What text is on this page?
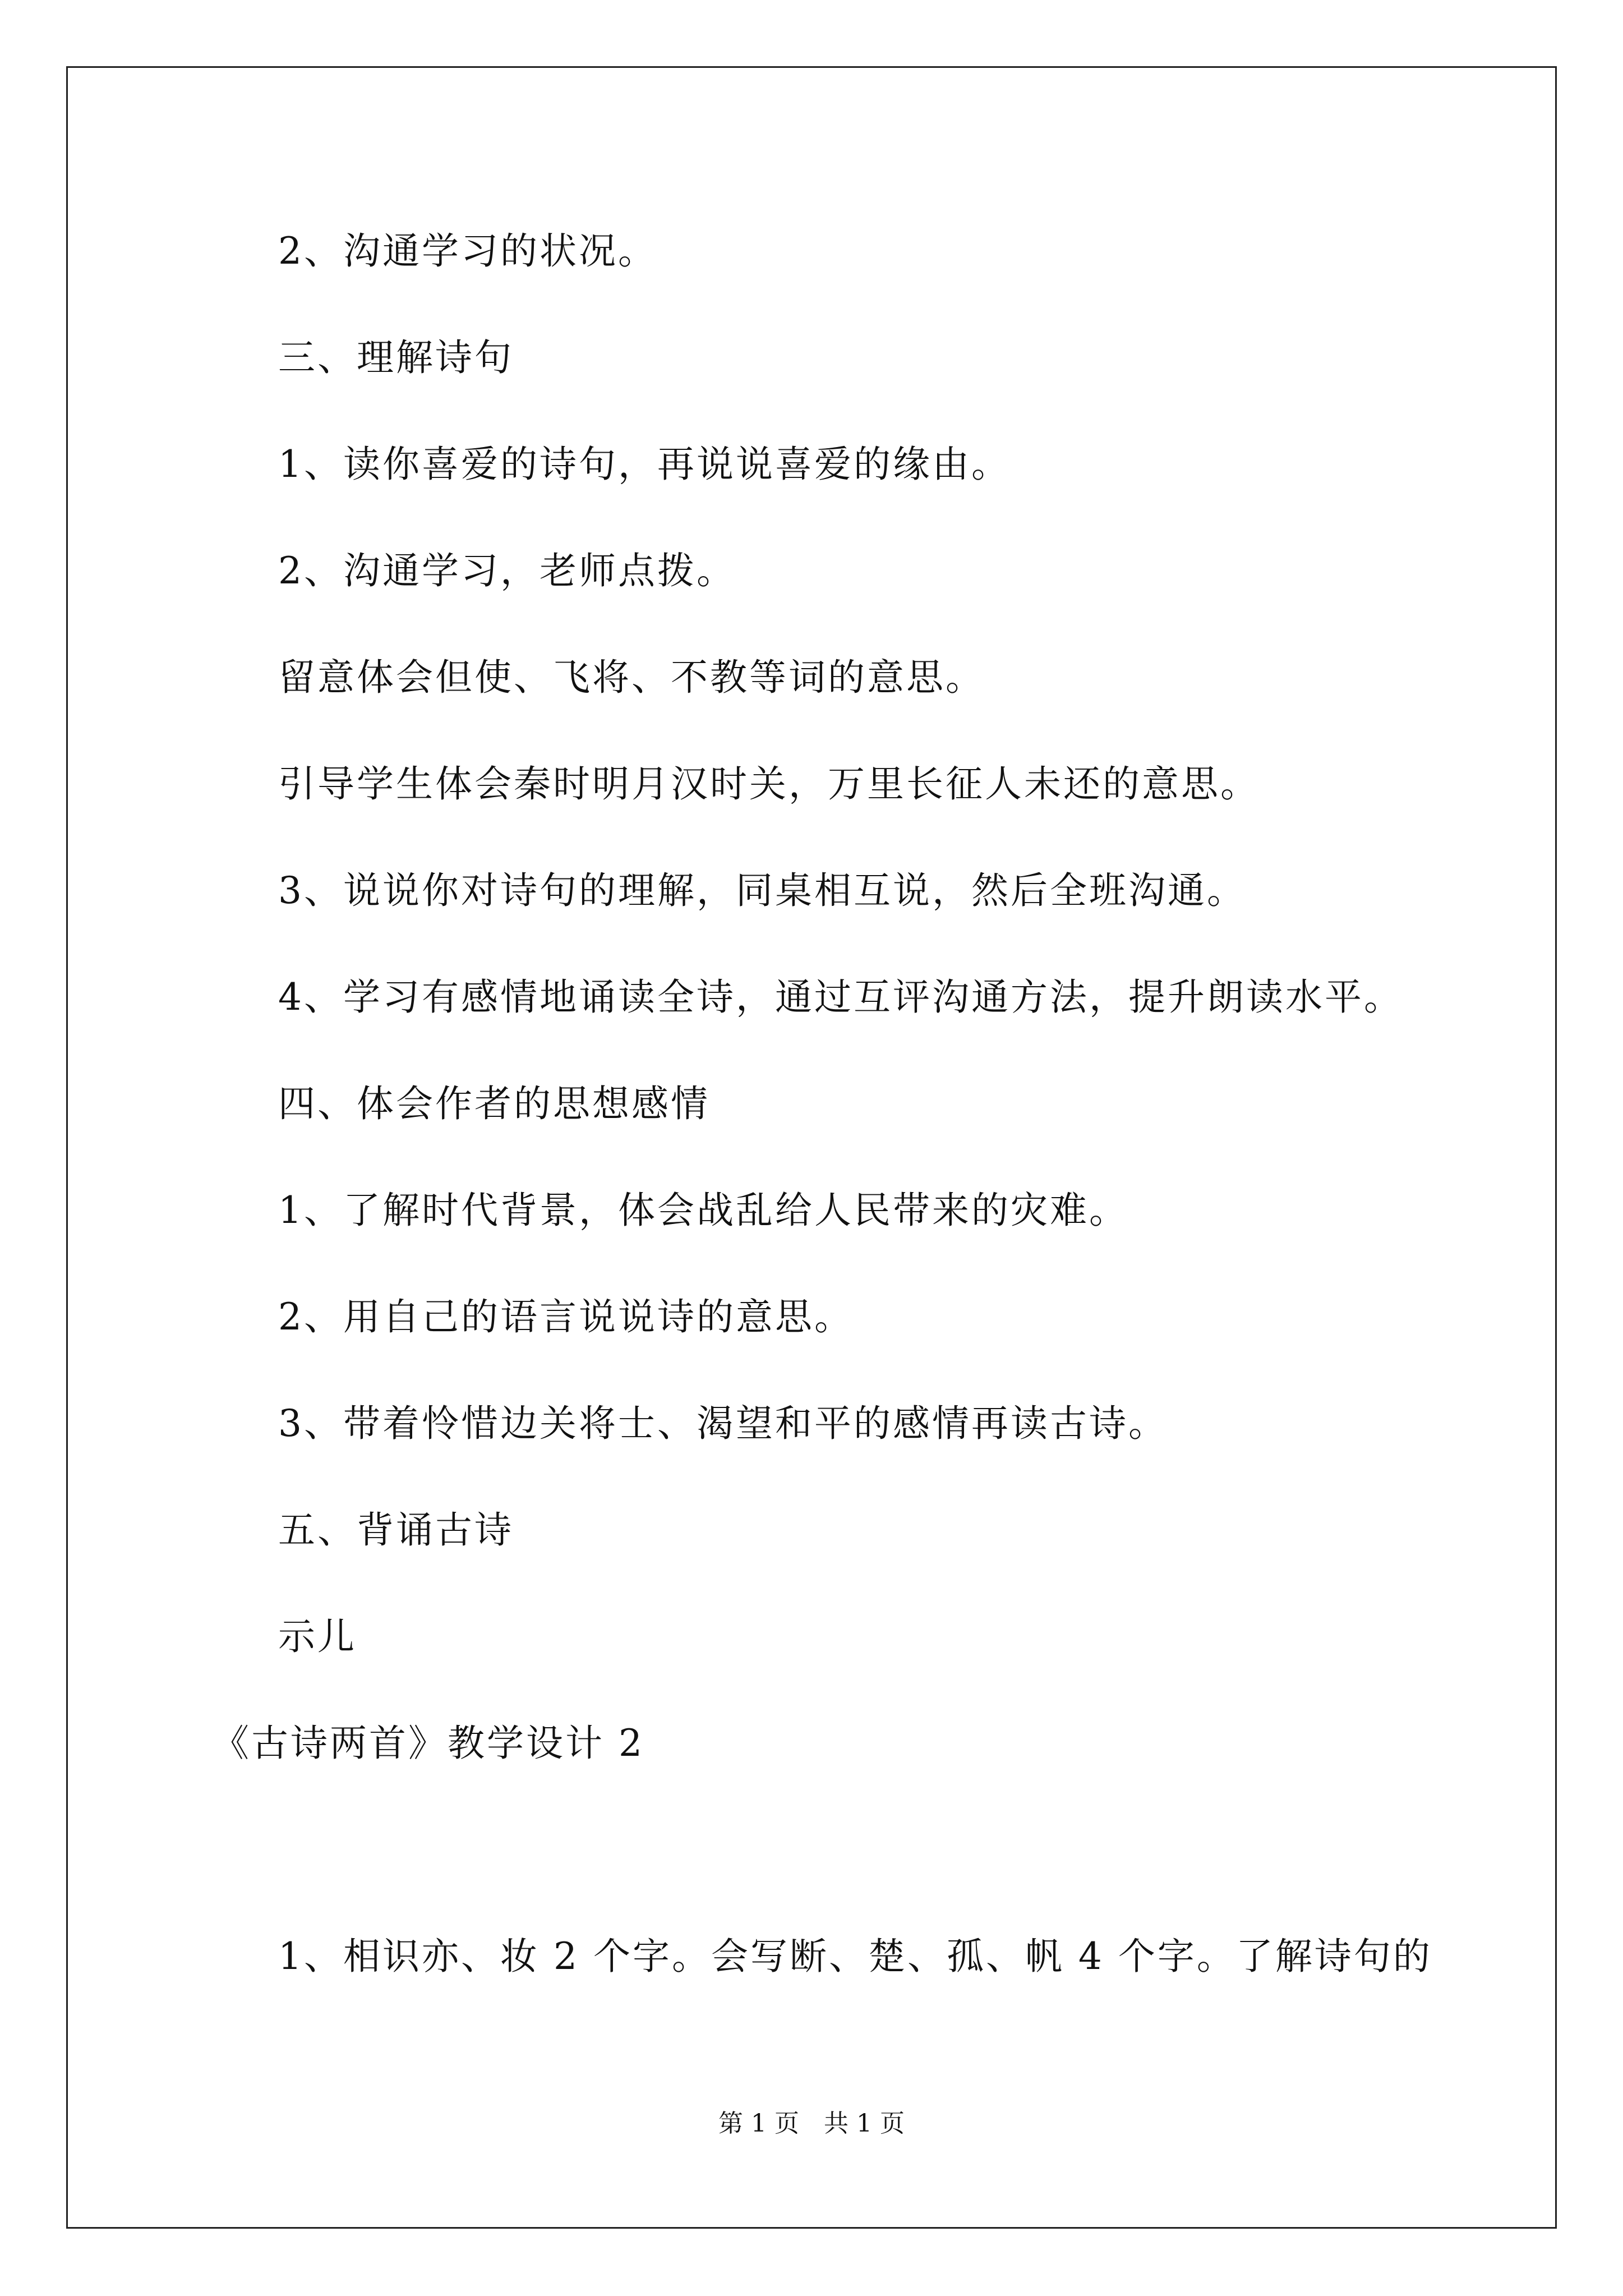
2、沟通学习的状况。
三、理解诗句
1、读你喜爱的诗句，再说说喜爱的缘由。
2、沟通学习，老师点拨。
留意体会但使、飞将、不教等词的意思。
引导学生体会秦时明月汉时关，万里长征人未还的意思。
3、说说你对诗句的理解，同桌相互说，然后全班沟通。
4、学习有感情地诵读全诗，通过互评沟通方法，提升朗读水平。
四、体会作者的思想感情
1、了解时代背景，体会战乱给人民带来的灾难。
2、用自己的语言说说诗的意思。
3、带着怜惜边关将士、渴望和平的感情再读古诗。
五、背诵古诗
示儿
《古诗两首》教学设计 2
1、相识亦、妆 2 个字。会写断、楚、孤、帆 4 个字。了解诗句的
第 1 页　共 1 页
